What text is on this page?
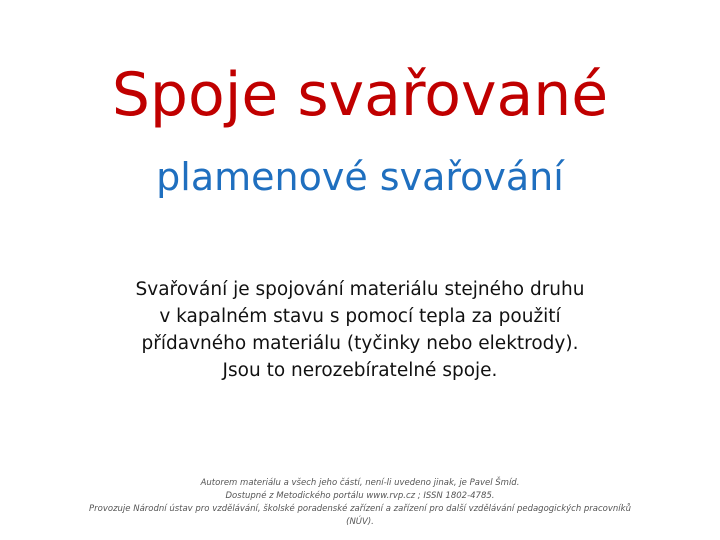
Spoje svařované
plamenové svařování
Svařování je spojování materiálu stejného druhu
v kapalném stavu s pomocí tepla za použití
přídavného materiálu (tyčinky nebo elektrody).
Jsou to nerozebíratelné spoje.
Autorem materiálu a všech jeho částí, není-li uvedeno jinak, je Pavel Šmíd.
Dostupné z Metodického portálu www.rvp.cz ; ISSN 1802-4785.
Provozuje Národní ústav pro vzdělávání, školské poradenské zařízení a zařízení pro další vzdělávání pedagogických pracovníků
(NÚV).
